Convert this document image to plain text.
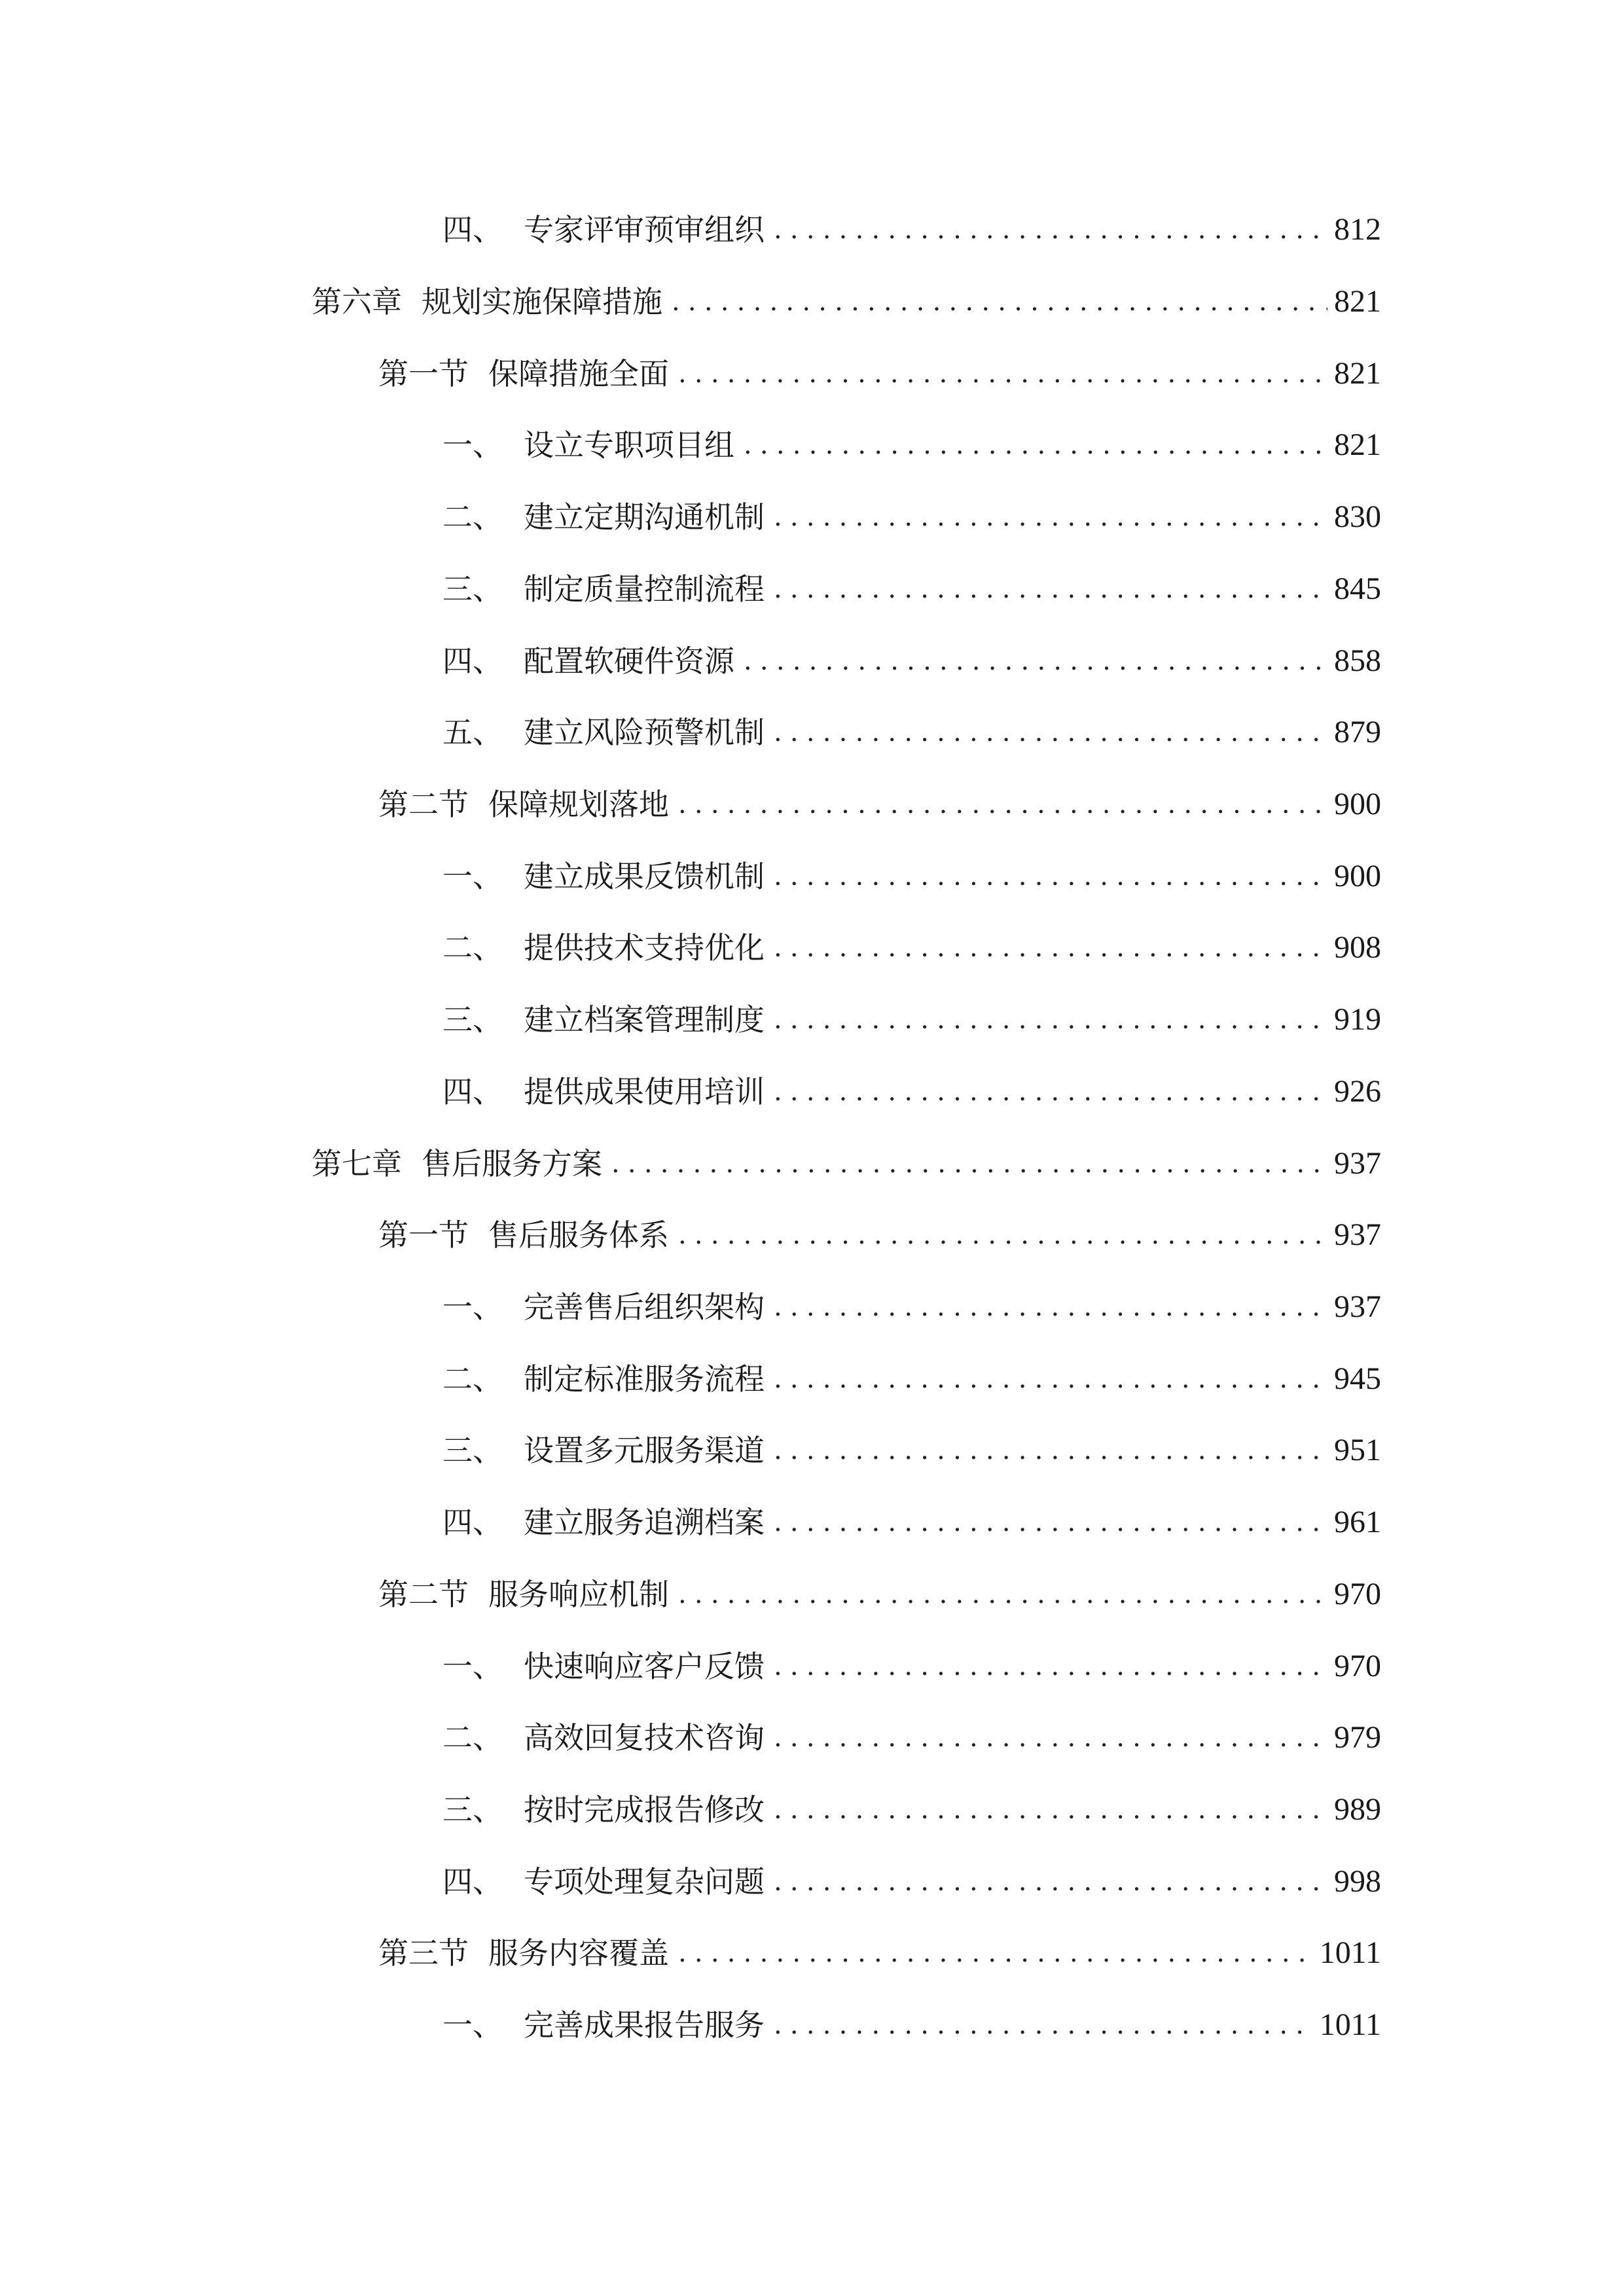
四、 专家评审预审组织 .....	812
第六章 规划实施保障措施 .....	821
第一节 保障措施全面 .....	821
一、 设立专职项目组 .....	821
二、 建立定期沟通机制 .....	830
三、 制定质量控制流程 .....	845
四、 配置软硬件资源 .....	858
五、 建立风险预警机制 .....	879
第二节 保障规划落地 .....	900
一、 建立成果反馈机制 .....	900
二、 提供技术支持优化 .....	908
三、 建立档案管理制度 .....	919
四、 提供成果使用培训 .....	926
第七章 售后服务方案 .....	937
第一节 售后服务体系 .....	937
一、 完善售后组织架构 .....	937
二、 制定标准服务流程 .....	945
三、 设置多元服务渠道 .....	951
四、 建立服务追溯档案 .....	961
第二节 服务响应机制 .....	970
一、 快速响应客户反馈 .....	970
二、 高效回复技术咨询 .....	979
三、 按时完成报告修改 .....	989
四、 专项处理复杂问题 .....	998
第三节 服务内容覆盖 .....	1011
一、 完善成果报告服务 .....	1011
